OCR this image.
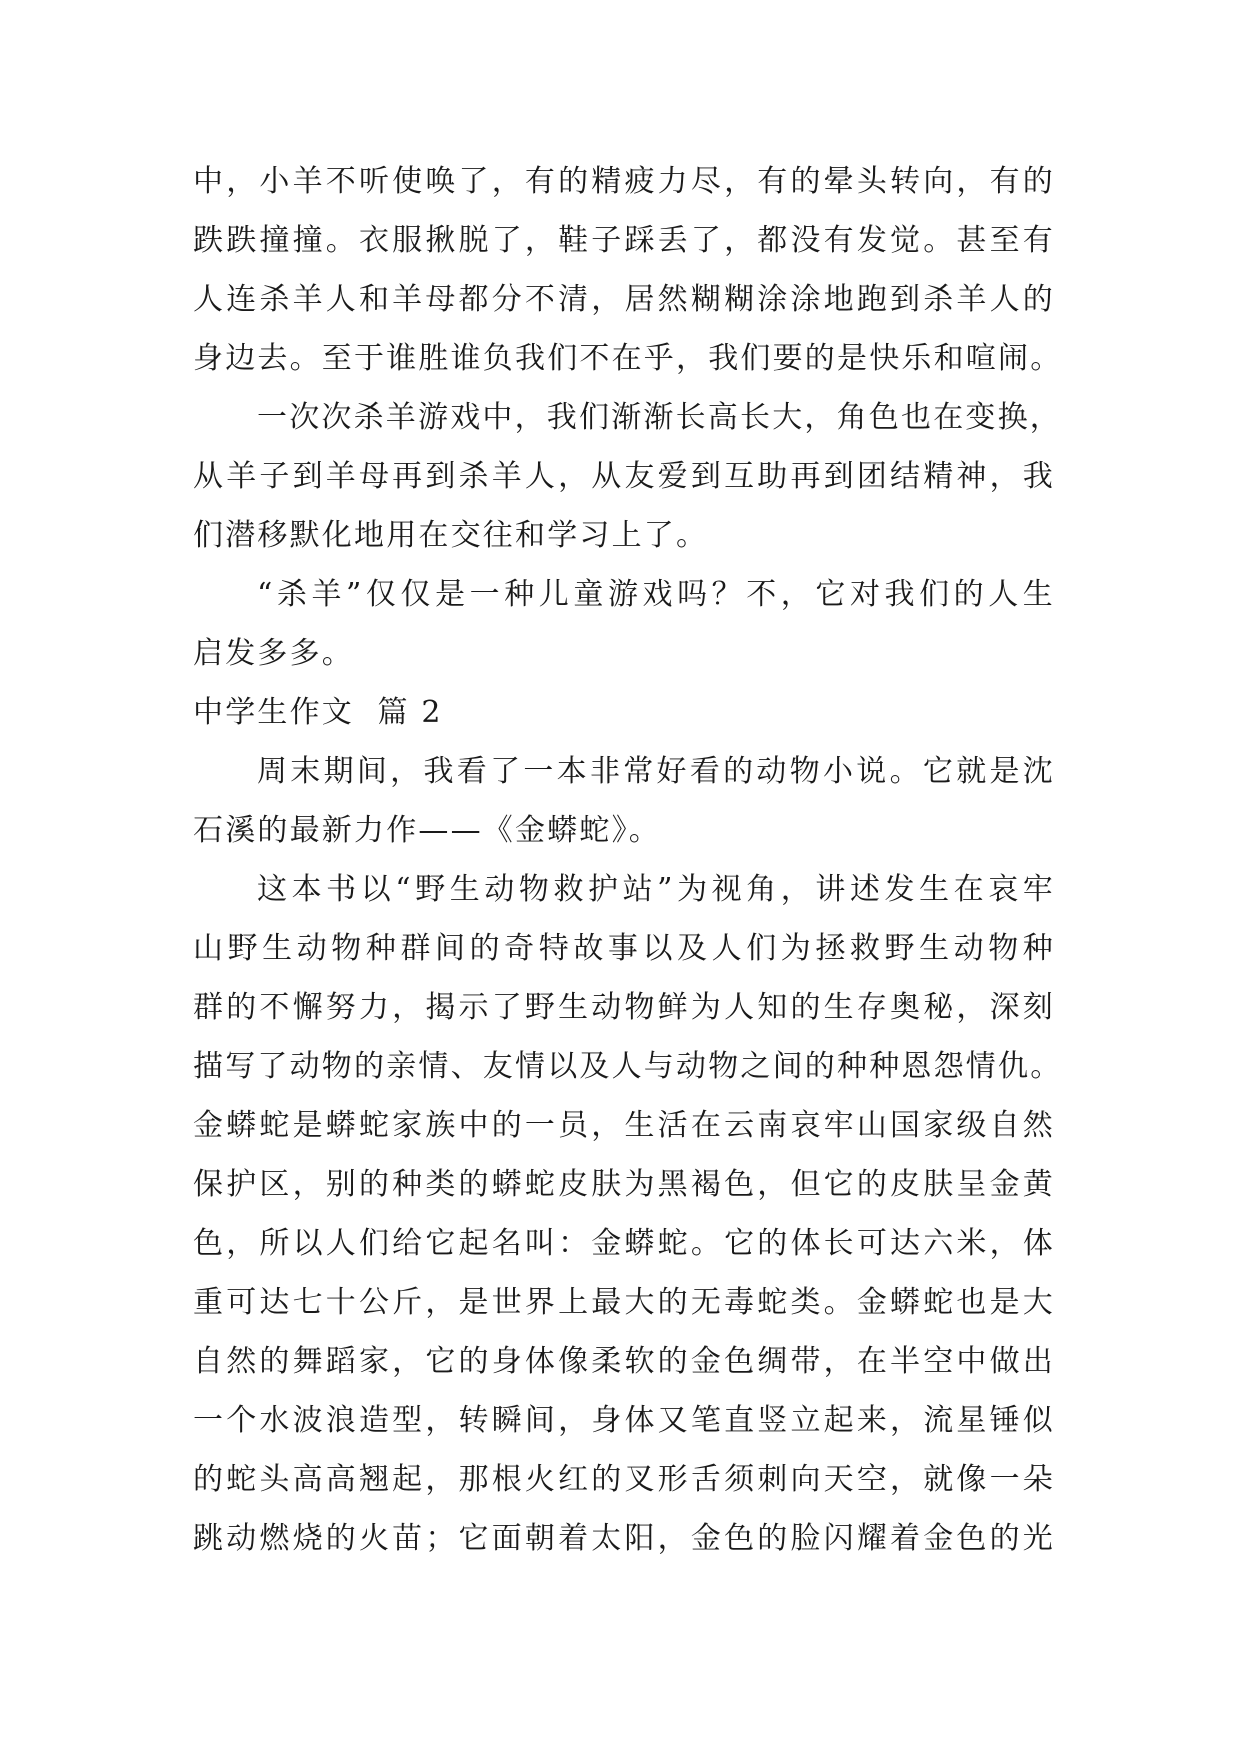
中，小羊不听使唤了，有的精疲力尽，有的晕头转向，有的
跌跌撞撞。衣服揪脱了，鞋子踩丢了，都没有发觉。甚至有
人连杀羊人和羊母都分不清，居然糊糊涂涂地跑到杀羊人的
身边去。至于谁胜谁负我们不在乎，我们要的是快乐和喧闹。
一次次杀羊游戏中，我们渐渐长高长大，角色也在变换，
从羊子到羊母再到杀羊人，从友爱到互助再到团结精神，我
们潜移默化地用在交往和学习上了。
“杀羊”仅仅是一种儿童游戏吗？不，它对我们的人生
启发多多。
中学生作文  篇 2
周末期间，我看了一本非常好看的动物小说。它就是沈
石溪的最新力作——《金蟒蛇》。
这本书以“野生动物救护站”为视角，讲述发生在哀牢
山野生动物种群间的奇特故事以及人们为拯救野生动物种
群的不懈努力，揭示了野生动物鲜为人知的生存奥秘，深刻
描写了动物的亲情、友情以及人与动物之间的种种恩怨情仇。
金蟒蛇是蟒蛇家族中的一员，生活在云南哀牢山国家级自然
保护区，别的种类的蟒蛇皮肤为黑褐色，但它的皮肤呈金黄
色，所以人们给它起名叫：金蟒蛇。它的体长可达六米，体
重可达七十公斤，是世界上最大的无毒蛇类。金蟒蛇也是大
自然的舞蹈家，它的身体像柔软的金色绸带，在半空中做出
一个水波浪造型，转瞬间，身体又笔直竖立起来，流星锤似
的蛇头高高翘起，那根火红的叉形舌须刺向天空，就像一朵
跳动燃烧的火苗；它面朝着太阳，金色的脸闪耀着金色的光
